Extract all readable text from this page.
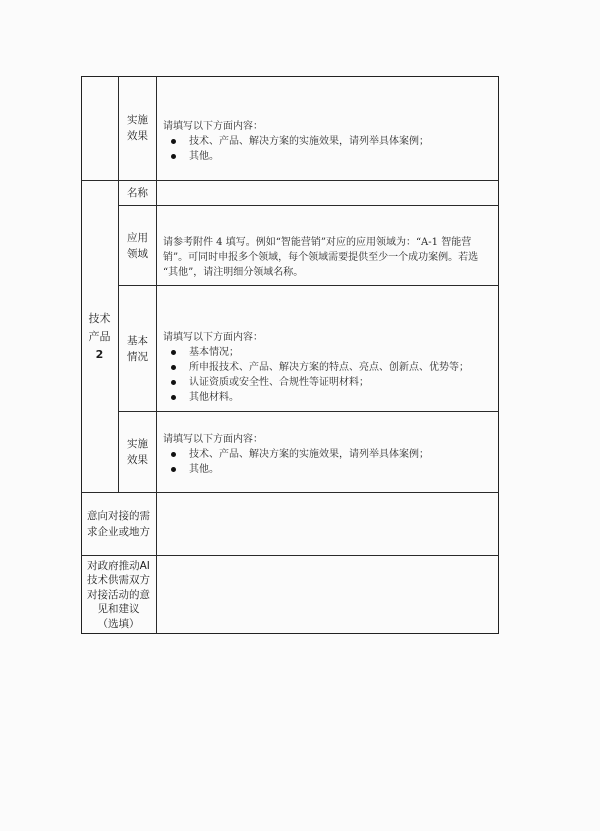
实施
效果

请填写以下方面内容：

技术、产品、解决方案的实施效果，请列举具体案例；
其他。
技术
产品
2
名称
应用
领域

请参考附件 4 填写。例如“智能营销”对应的应用领域为：“A-1 智能营

销”。可同时申报多个领域，每个领域需要提供至少一个成功案例。若选

“其他”，请注明细分领域名称。

基本
情况

请填写以下方面内容：

基本情况；
所申报技术、产品、解决方案的特点、亮点、创新点、优势等；
认证资质或安全性、合规性等证明材料；
其他材料。
实施
效果

请填写以下方面内容：

技术、产品、解决方案的实施效果，请列举具体案例；
其他。
意向对接的需
求企业或地方
对政府推动AI
技术供需双方
对接活动的意
见和建议
（选填）
